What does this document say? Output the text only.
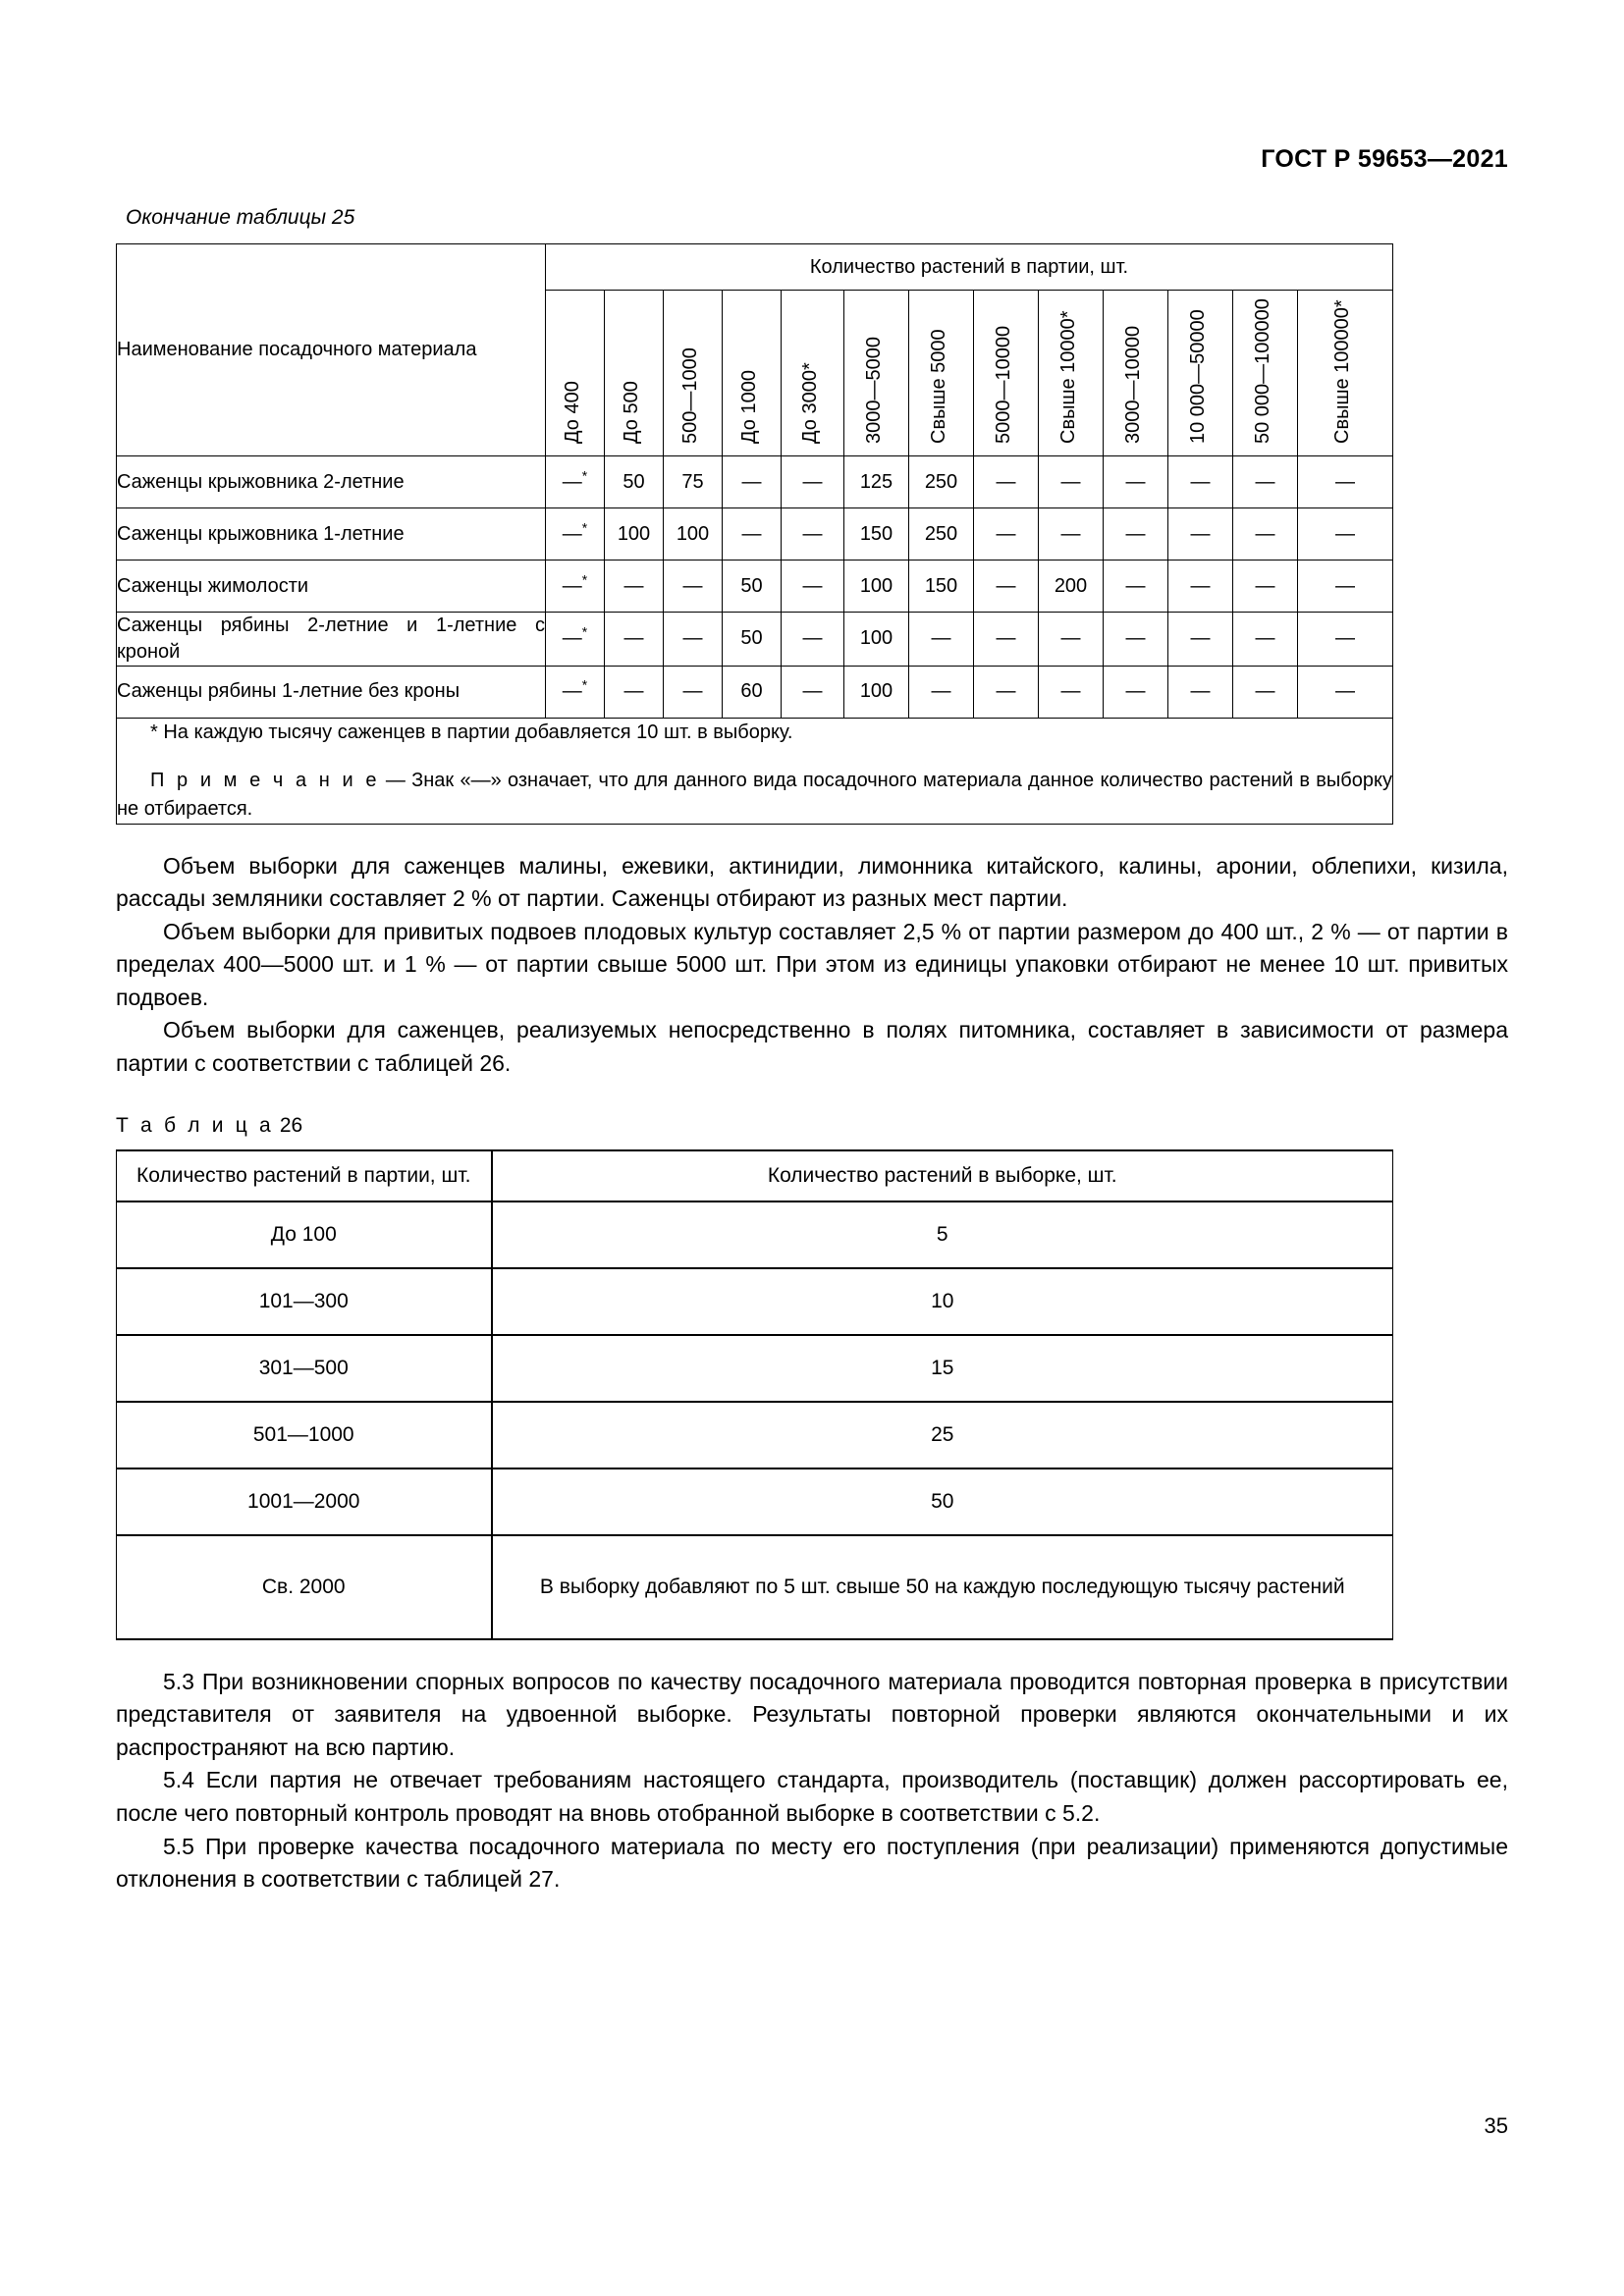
ГОСТ Р 59653—2021
Окончание таблицы 25
Наименование посадочного материала	Количество растений в партии, шт.												

	До 400	До 500	500—1000	До 1000	До 3000*	3000—5000	Свыше 5000	5000—10000	Свыше 10000*	3000—10000	10 000—50000	50 000—100000	Свыше 100000*

Саженцы крыжовника 2-летние	—*	50	75	—	—	125	250	—	—	—	—	—	—
Саженцы крыжовника 1-летние	—*	100	100	—	—	150	250	—	—	—	—	—	—
Саженцы жимолости	—*	—	—	50	—	100	150	—	200	—	—	—	—
Саженцы рябины 2-летние и 1-летние с кроной	—*	—	—	50	—	100	—	—	—	—	—	—	—
Саженцы рябины 1-летние без кроны	—*	—	—	60	—	100	—	—	—	—	—	—	—

* На каждую тысячу саженцев в партии добавляется 10 шт. в выборку.

П р и м е ч а н и е — Знак «—» означает, что для данного вида посадочного материала данное количество растений в выборку не отбирается.													

Объем выборки для саженцев малины, ежевики, актинидии, лимонника китайского, калины, аронии, облепихи, кизила, рассады земляники составляет 2 % от партии. Саженцы отбирают из разных мест партии.

Объем выборки для привитых подвоев плодовых культур составляет 2,5 % от партии размером до 400 шт., 2 % — от партии в пределах 400—5000 шт. и 1 % — от партии свыше 5000 шт. При этом из единицы упаковки отбирают не менее 10 шт. привитых подвоев.

Объем выборки для саженцев, реализуемых непосредственно в полях питомника, составляет в зависимости от размера партии с соответствии с таблицей 26.

Т а б л и ц а 26
Количество растений в партии, шт.	Количество растений в выборке, шт.
До 100	5
101—300	10
301—500	15
501—1000	25
1001—2000	50
Св. 2000	В выборку добавляют по 5 шт. свыше 50 на каждую последующую тысячу растений

5.3 При возникновении спорных вопросов по качеству посадочного материала проводится повторная проверка в присутствии представителя от заявителя на удвоенной выборке. Результаты повторной проверки являются окончательными и их распространяют на всю партию.

5.4 Если партия не отвечает требованиям настоящего стандарта, производитель (поставщик) должен рассортировать ее, после чего повторный контроль проводят на вновь отобранной выборке в соответствии с 5.2.

5.5 При проверке качества посадочного материала по месту его поступления (при реализации) применяются допустимые отклонения в соответствии с таблицей 27.

35
